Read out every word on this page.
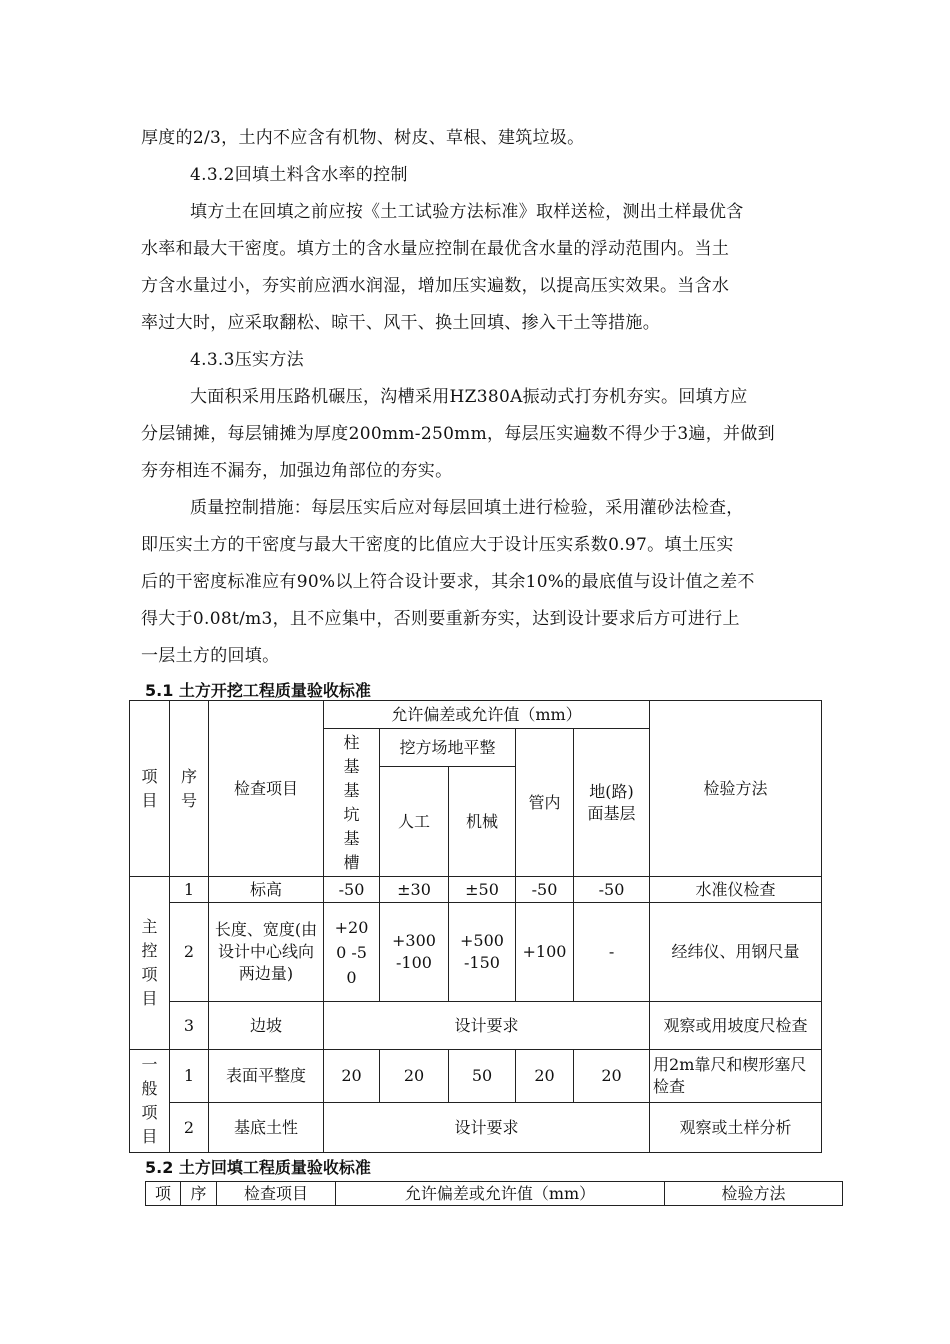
厚度的2/3，土内不应含有机物、树皮、草根、建筑垃圾。
4.3.2回填土料含水率的控制
填方土在回填之前应按《土工试验方法标准》取样送检，测出土样最优含
水率和最大干密度。填方土的含水量应控制在最优含水量的浮动范围内。当土
方含水量过小，夯实前应洒水润湿，增加压实遍数，以提高压实效果。当含水
率过大时，应采取翻松、晾干、风干、换土回填、掺入干土等措施。
4.3.3压实方法
大面积采用压路机碾压，沟槽采用HZ380A振动式打夯机夯实。回填方应
分层铺摊，每层铺摊为厚度200mm-250mm，每层压实遍数不得少于3遍，并做到
夯夯相连不漏夯，加强边角部位的夯实。
质量控制措施：每层压实后应对每层回填土进行检验，采用灌砂法检查，
即压实土方的干密度与最大干密度的比值应大于设计压实系数0.97。填土压实
后的干密度标准应有90%以上符合设计要求，其余10%的最底值与设计值之差不
得大于0.08t/m3，且不应集中，否则要重新夯实，达到设计要求后方可进行上
一层土方的回填。
5.1 土方开挖工程质量验收标准
项目	序号	检查项目	允许偏差或允许值（mm）					检验方法
			柱基基坑基槽	挖方场地平整		管内	地(路)
面基层	
				人工	机械			
主控项目	1	标高	-50	±30	±50	-50	-50	水准仪检查
	2	长度、宽度(由设计中心线向两边量)	+200 -50	+300
-100	+500
-150	+100	-	经纬仪、用钢尺量
	3	边坡	设计要求					观察或用坡度尺检查

一般项目	1	表面平整度	20	20	50	20	20	用2m靠尺和楔形塞尺检查

	2	基底土性	设计要求					观察或土样分析
5.2 土方回填工程质量验收标准
项	序	检查项目	允许偏差或允许值（mm）	检验方法
